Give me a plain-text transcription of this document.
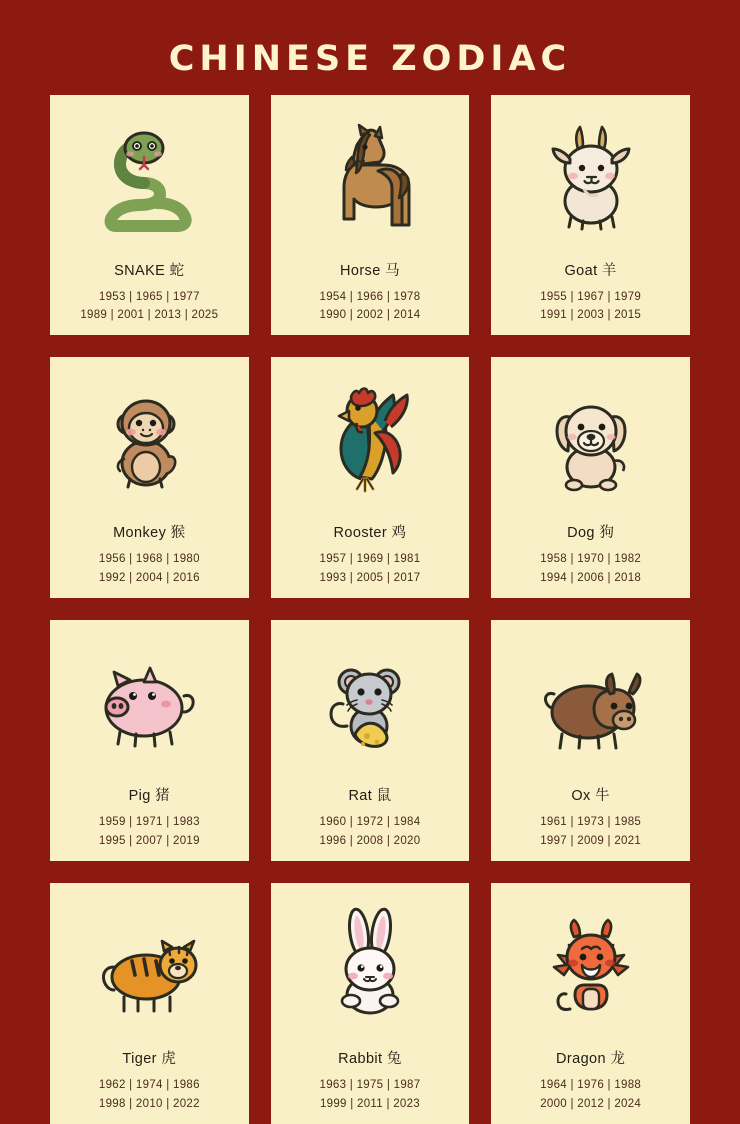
CHINESE ZODIAC
SNAKE 蛇
1953 | 1965 | 1977
1989 | 2001 | 2013 | 2025
Horse 马
1954 | 1966 | 1978
1990 | 2002 | 2014
Goat 羊
1955 | 1967 | 1979
1991 | 2003 | 2015
Monkey 猴
1956 | 1968 | 1980
1992 | 2004 | 2016
Rooster 鸡
1957 | 1969 | 1981
1993 | 2005 | 2017
Dog 狗
1958 | 1970 | 1982
1994 | 2006 | 2018
Pig 猪
1959 | 1971 | 1983
1995 | 2007 | 2019
Rat 鼠
1960 | 1972 | 1984
1996 | 2008 | 2020
Ox 牛
1961 | 1973 | 1985
1997 | 2009 | 2021
Tiger 虎
1962 | 1974 | 1986
1998 | 2010 | 2022
Rabbit 兔
1963 | 1975 | 1987
1999 | 2011 | 2023
Dragon 龙
1964 | 1976 | 1988
2000 | 2012 | 2024
